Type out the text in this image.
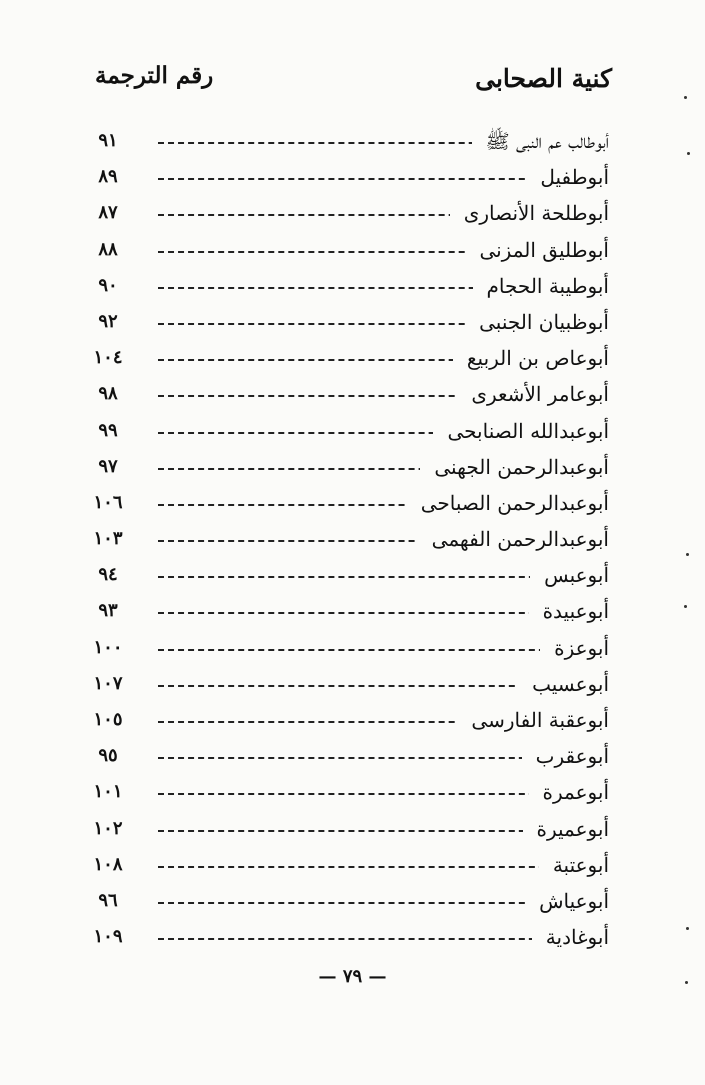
كنية الصحابى
رقم الترجمة
أبوطالب عم النبى ﷺ
٩١
أبوطفيل
٨٩
أبوطلحة الأنصارى
٨٧
أبوطليق المزنى
٨٨
أبوطيبة الحجام
٩٠
أبوظبيان الجنبى
٩٢
أبوعاص بن الربيع
١٠٤
أبوعامر الأشعرى
٩٨
أبوعبدالله الصنابحى
٩٩
أبوعبدالرحمن الجهنى
٩٧
أبوعبدالرحمن الصباحى
١٠٦
أبوعبدالرحمن الفهمى
١٠٣
أبوعبس
٩٤
أبوعبيدة
٩٣
أبوعزة
١٠٠
أبوعسيب
١٠٧
أبوعقبة الفارسى
١٠٥
أبوعقرب
٩٥
أبوعمرة
١٠١
أبوعميرة
١٠٢
أبوعتبة
١٠٨
أبوعياش
٩٦
أبوغادية
١٠٩
— ٧٩ —
